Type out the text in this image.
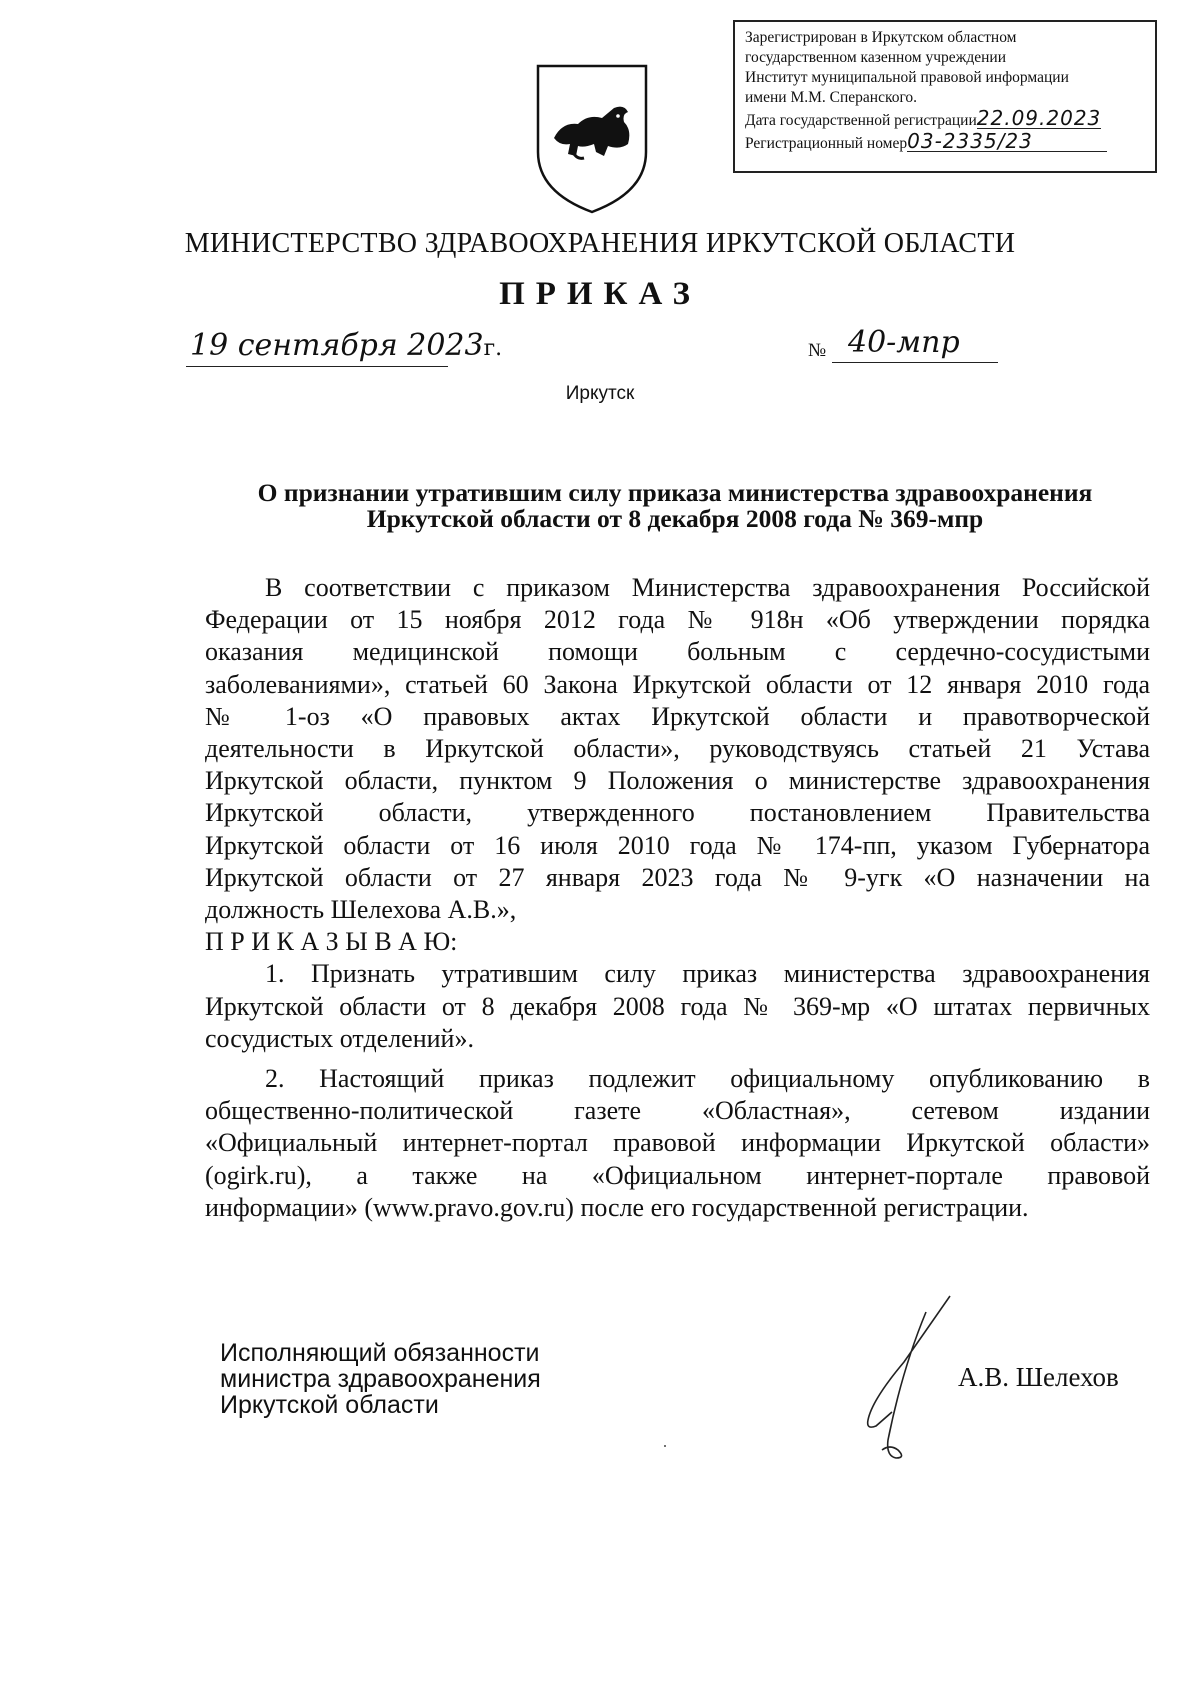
Зарегистрирован в Иркутском областном
государственном казенном учреждении
Институт муниципальной правовой информации
имени М.М. Сперанского.
Дата государственной регистрации22.09.2023
Регистрационный номер03-2335/23
МИНИСТЕРСТВО ЗДРАВООХРАНЕНИЯ ИРКУТСКОЙ ОБЛАСТИ
ПРИКАЗ
19 сентября 2023г.	№ 40-мпр
Иркутск
О признании утратившим силу приказа министерства здравоохранения
Иркутской области от 8 декабря 2008 года № 369-мпр

В соответствии с приказом Министерства здравоохранения Российской

Федерации от 15 ноября 2012 года № 918н «Об утверждении порядка

оказания медицинской помощи больным с сердечно-сосудистыми

заболеваниями», статьей 60 Закона Иркутской области от 12 января 2010 года

№ 1-оз «О правовых актах Иркутской области и правотворческой

деятельности в Иркутской области», руководствуясь статьей 21 Устава

Иркутской области, пунктом 9 Положения о министерстве здравоохранения

Иркутской области, утвержденного постановлением Правительства

Иркутской области от 16 июля 2010 года № 174-пп, указом Губернатора

Иркутской области от 27 января 2023 года № 9-угк «О назначении на

должность Шелехова А.В.»,

П Р И К А З Ы В А Ю:

1. Признать утратившим силу приказ министерства здравоохранения

Иркутской области от 8 декабря 2008 года № 369-мр «О штатах первичных

сосудистых отделений».

2. Настоящий приказ подлежит официальному опубликованию в

общественно-политической газете «Областная», сетевом издании

«Официальный интернет-портал правовой информации Иркутской области»

(ogirk.ru), а также на «Официальном интернет-портале правовой

информации» (www.pravo.gov.ru) после его государственной регистрации.

Исполняющий обязанности
министра здравоохранения
Иркутской области
А.В. Шелехов
